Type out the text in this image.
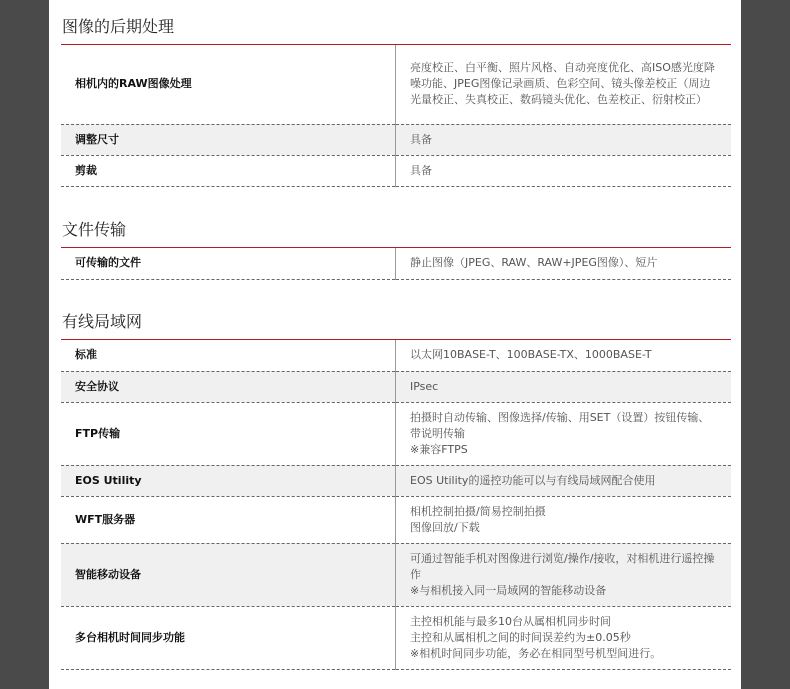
图像的后期处理
相机内的RAW图像处理	亮度校正、白平衡、照片风格、自动亮度优化、高ISO感光度降噪功能、JPEG图像记录画质、色彩空间、镜头像差校正（周边光量校正、失真校正、数码镜头优化、色差校正、衍射校正）
调整尺寸	具备
剪裁	具备
文件传输
可传输的文件	静止图像（JPEG、RAW、RAW+JPEG图像）、短片
有线局域网
标准	以太网10BASE-T、100BASE-TX、1000BASE-T
安全协议	IPsec
FTP传输	拍摄时自动传输、图像选择/传输、用SET（设置）按钮传输、带说明传输
※兼容FTPS
EOS Utility	EOS Utility的遥控功能可以与有线局域网配合使用
WFT服务器	相机控制拍摄/简易控制拍摄
图像回放/下载
智能移动设备	可通过智能手机对图像进行浏览/操作/接收，对相机进行遥控操作
※与相机接入同一局域网的智能移动设备
多台相机时间同步功能	主控相机能与最多10台从属相机同步时间
主控和从属相机之间的时间误差约为±0.05秒
※相机时间同步功能，务必在相同型号机型间进行。
